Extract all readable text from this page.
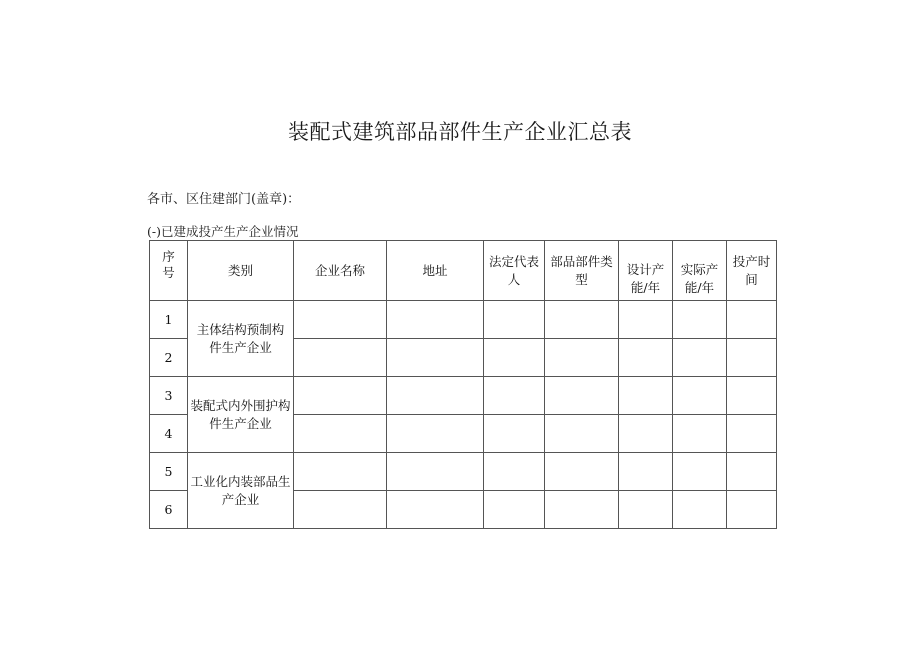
装配式建筑部品部件生产企业汇总表
各市、区住建部门(盖章)：
(-)已建成投产生产企业情况
序号	类别	企业名称	地址	法定代表人	部品部件类型	设计产能/年	实际产能/年	投产时间
1	主体结构预制构件生产企业							
2								
3	装配式内外围护构件生产企业							
4								
5	工业化内装部品生产企业							
6								
